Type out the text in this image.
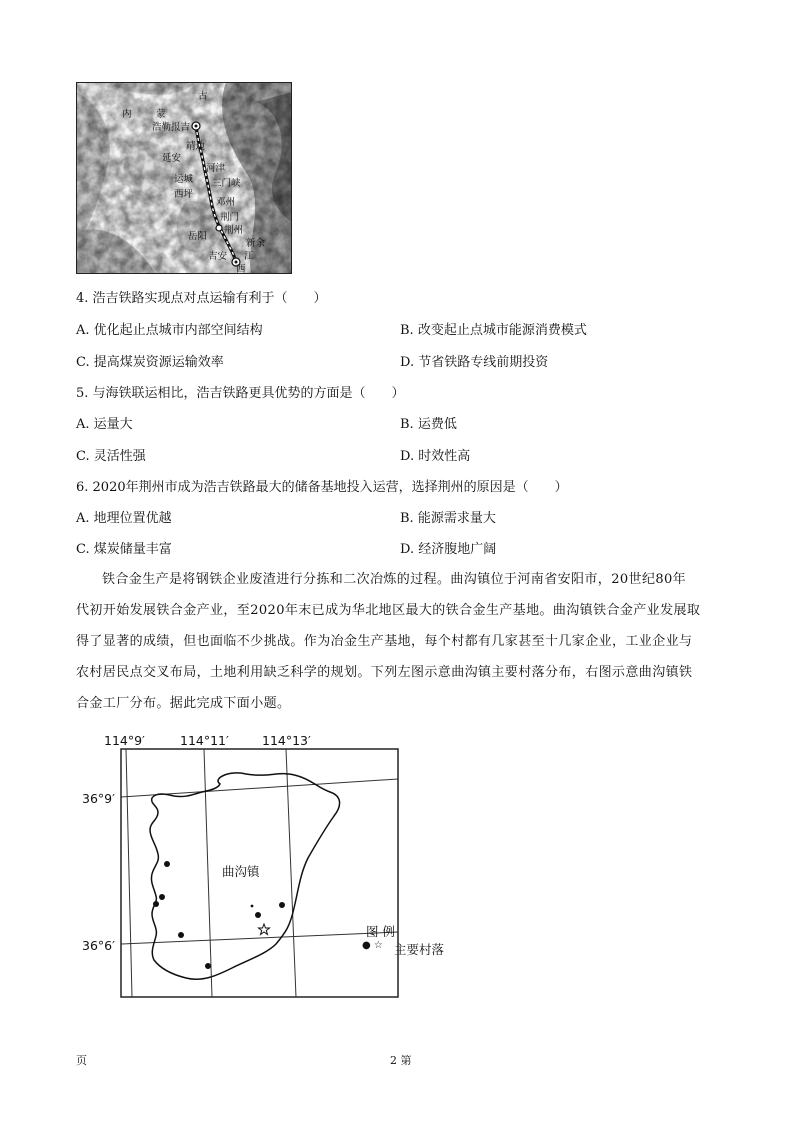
古
内	蒙
浩勒报吉
靖边
延安
河津
运城 三门峡
西坪
邓州
荆门
荆州
岳阳
新余
吉安 江
西
4. 浩吉铁路实现点对点运输有利于（　　）
A. 优化起止点城市内部空间结构	B. 改变起止点城市能源消费模式
C. 提高煤炭资源运输效率	D. 节省铁路专线前期投资
5. 与海铁联运相比，浩吉铁路更具优势的方面是（　　）
A. 运量大	B. 运费低
C. 灵活性强	D. 时效性高
6. 2020年荆州市成为浩吉铁路最大的储备基地投入运营，选择荆州的原因是（　　）
A. 地理位置优越	B. 能源需求量大
C. 煤炭储量丰富	D. 经济腹地广阔

铁合金生产是将钢铁企业废渣进行分拣和二次冶炼的过程。曲沟镇位于河南省安阳市，20世纪80年

代初开始发展铁合金产业，至2020年末已成为华北地区最大的铁合金生产基地。曲沟镇铁合金产业发展取

得了显著的成绩，但也面临不少挑战。作为冶金生产基地，每个村都有几家甚至十几家企业，工业企业与

农村居民点交叉布局，土地利用缺乏科学的规划。下列左图示意曲沟镇主要村落分布，右图示意曲沟镇铁

合金工厂分布。据此完成下面小题。

114°9′	114°11′	114°13′
36°9′
36°6′
曲沟镇
图 例
● ☆ 主要村落
页	2 第
